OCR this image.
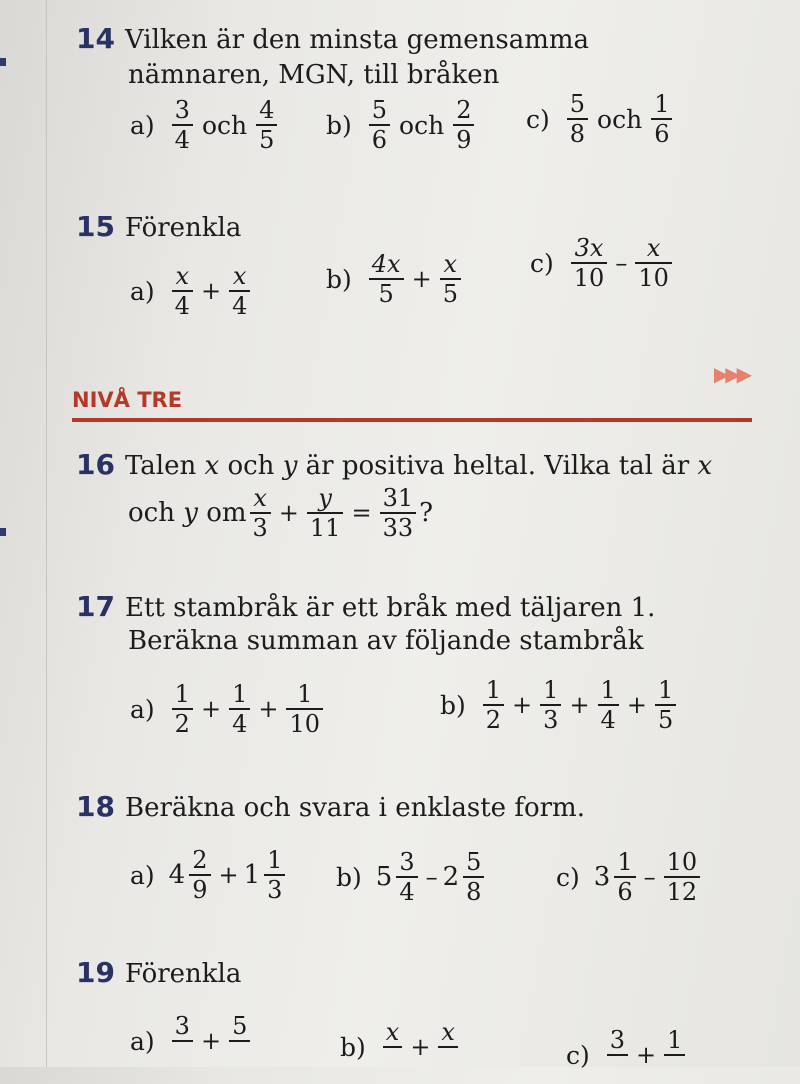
14 Vilken är den minsta gemensamma
nämnaren, MGN, till bråken
$a) \frac{3}{4}$ och $\frac{4}{5} b) \frac{5}{6}$ och $\frac{2}{9} c) \frac{5}{8}$ och $\frac{1}{6}$
15 Förenkla
$a) \frac{x}{4} + \frac{x}{4}$	$b) \frac{4x}{5} + \frac{x}{5}$	$c) \frac{3x}{10} - \frac{x}{10}$
NIVÅ TRE
▶▶▶
16 Talen x och y är positiva heltal. Vilka tal är x
och
y
om $\frac{x}{3} + \frac{y}{11} = \frac{31}{33}$ ?
17 Ett stambråk är ett bråk med täljaren 1.
Beräkna summan av följande stambråk
$a) \frac{1}{2} + \frac{1}{4} + \frac{1}{10}$	$b) \frac{1}{2} + \frac{1}{3} + \frac{1}{4} + \frac{1}{5}$
18 Beräkna och svara i enklaste form.
a) $4 \frac{2}{9} + 1 \frac{1}{3} b$) $5 \frac{3}{4} - 2 \frac{5}{8}$	c) $3 \frac{1}{6} - \frac{10}{12}$
19 Förenkla
a)
3

+
5

b)
x

+
x

c)
3

+
1
